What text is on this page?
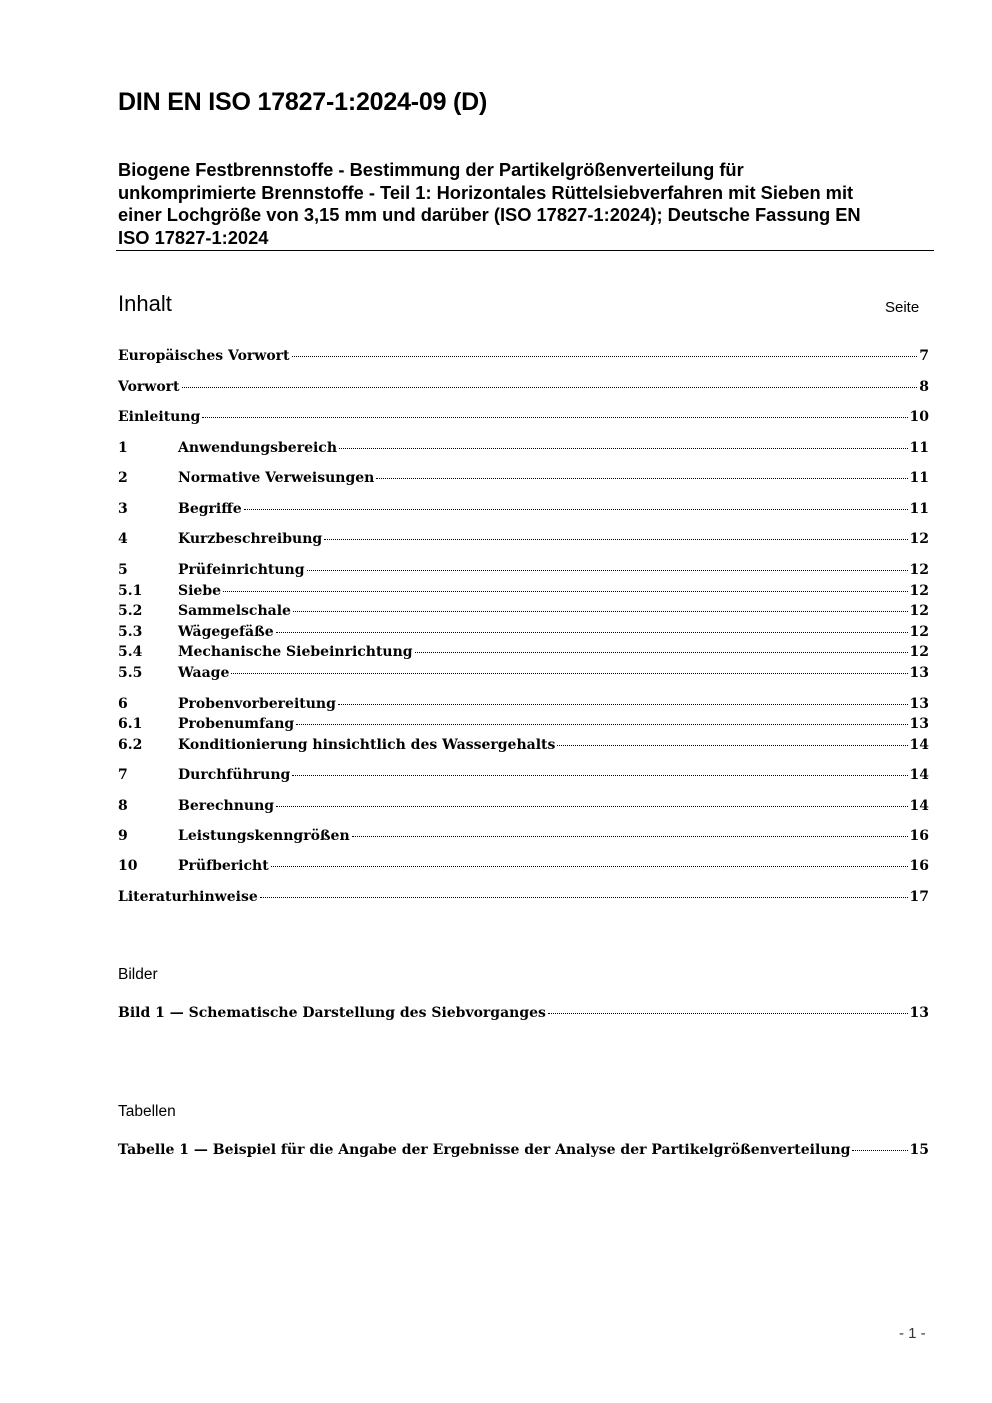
DIN EN ISO 17827-1:2024-09 (D)
Biogene Festbrennstoffe - Bestimmung der Partikelgrößenverteilung für
unkomprimierte Brennstoffe - Teil 1: Horizontales Rüttelsiebverfahren mit Sieben mit
einer Lochgröße von 3,15 mm und darüber (ISO 17827-1:2024); Deutsche Fassung EN
ISO 17827-1:2024
Inhalt	Seite
Europäisches Vorwort	7
Vorwort	8
Einleitung	10
1	Anwendungsbereich	11
2	Normative Verweisungen	11
3	Begriffe	11
4	Kurzbeschreibung	12
5	Prüfeinrichtung	12
5.1	Siebe	12
5.2	Sammelschale	12
5.3	Wägegefäße	12
5.4	Mechanische Siebeinrichtung	12
5.5	Waage	13
6	Probenvorbereitung	13
6.1	Probenumfang	13
6.2	Konditionierung hinsichtlich des Wassergehalts	14
7	Durchführung	14
8	Berechnung	14
9	Leistungskenngrößen	16
10	Prüfbericht	16
Literaturhinweise	17
Bilder
Bild 1 — Schematische Darstellung des Siebvorganges	13
Tabellen
Tabelle 1 — Beispiel für die Angabe der Ergebnisse der Analyse der Partikelgrößenverteilung	15
- 1 -
